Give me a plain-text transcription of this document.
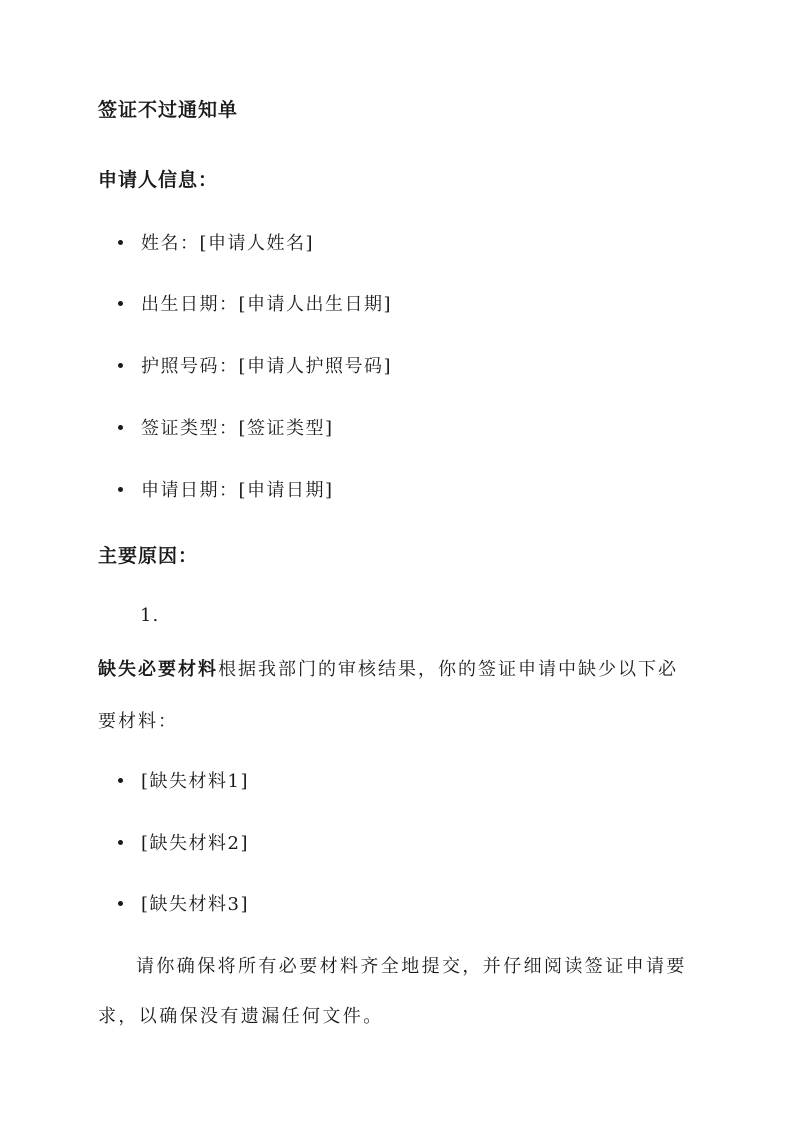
签证不过通知单
申请人信息：
姓名： [申请人姓名]
出生日期： [申请人出生日期]
护照号码： [申请人护照号码]
签证类型： [签证类型]
申请日期： [申请日期]
主要原因：
1.
缺失必要材料根据我部门的审核结果，你的签证申请中缺少以下必
要材料：
[缺失材料1]
[缺失材料2]
[缺失材料3]
请你确保将所有必要材料齐全地提交，并仔细阅读签证申请要
求，以确保没有遗漏任何文件。
